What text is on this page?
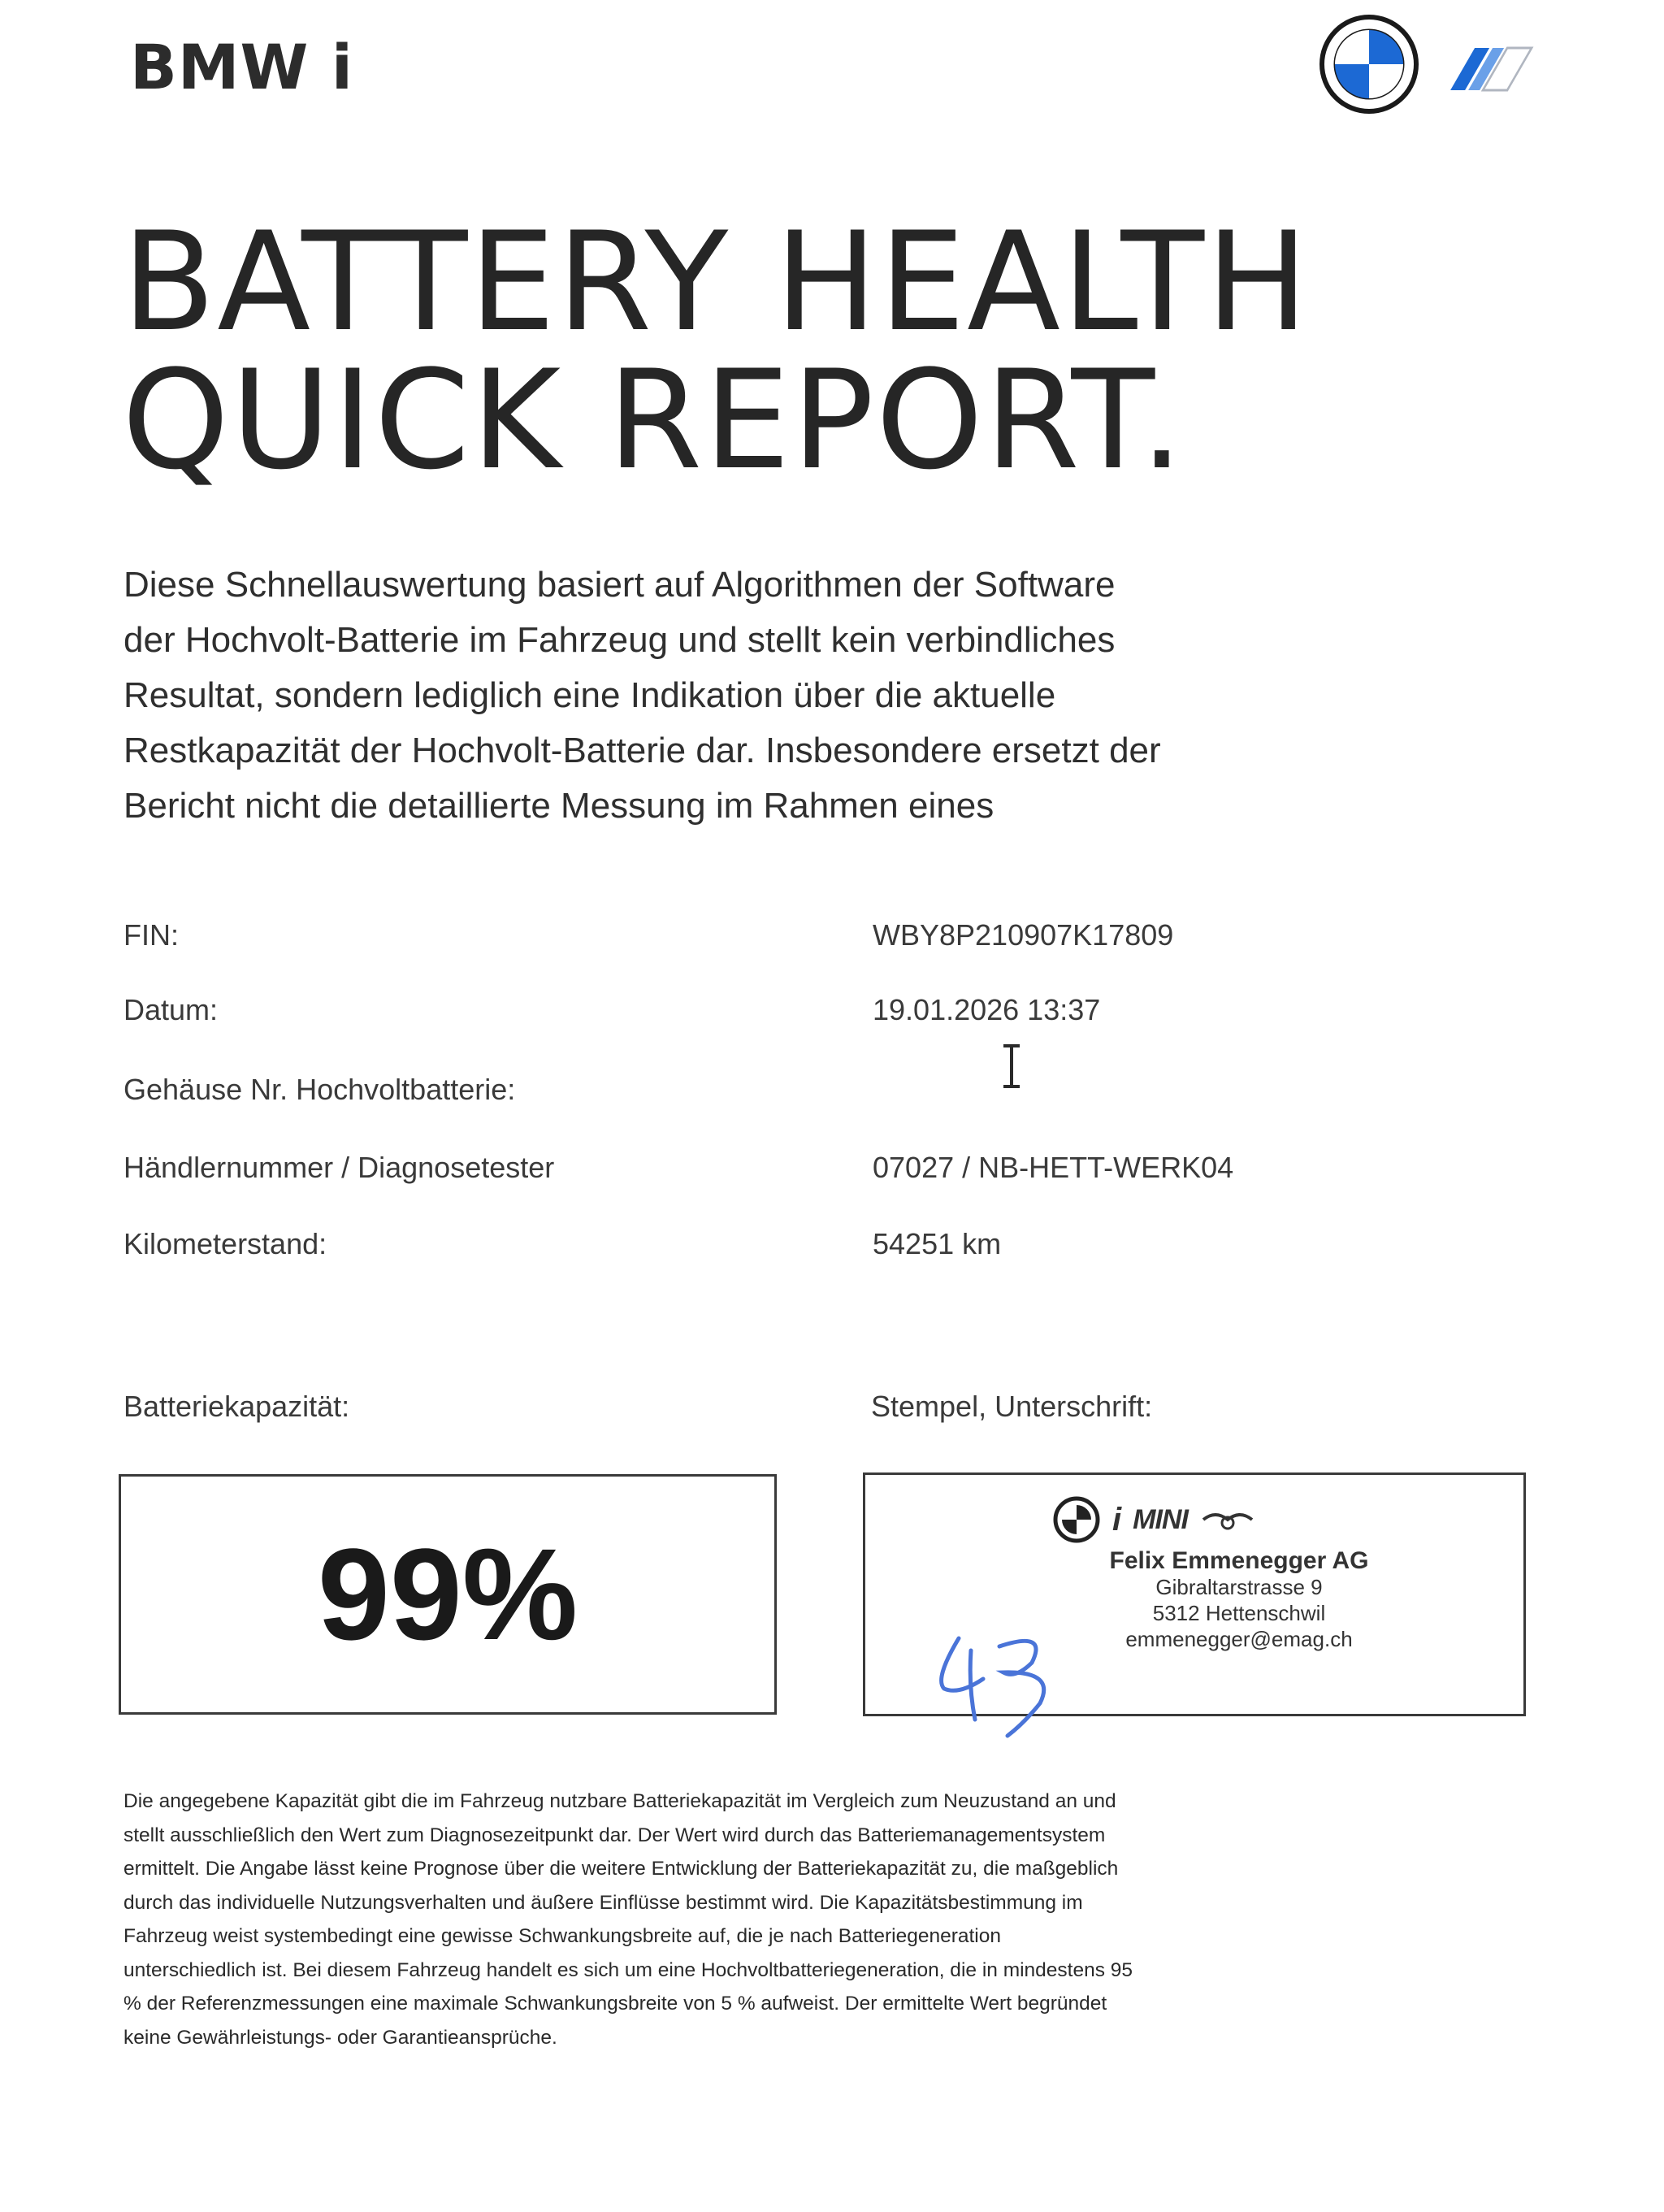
BMW i
BATTERY HEALTH
QUICK REPORT.

Diese Schnellauswertung basiert auf Algorithmen der Software der Hochvolt-Batterie im Fahrzeug und stellt kein verbindliches Resultat, sondern lediglich eine Indikation über die aktuelle Restkapazität der Hochvolt-Batterie dar. Insbesondere ersetzt der Bericht nicht die detaillierte Messung im Rahmen eines

FIN:	WBY8P210907K17809
Datum:	19.01.2026 13:37
Gehäuse Nr. Hochvoltbatterie:
Händlernummer / Diagnosetester	07027 / NB-HETT-WERK04
Kilometerstand:	54251 km
Batteriekapazität:
99%
Stempel, Unterschrift:
i MINI
Felix Emmenegger AG
Gibraltarstrasse 9
5312 Hettenschwil
emmenegger@emag.ch

Die angegebene Kapazität gibt die im Fahrzeug nutzbare Batteriekapazität im Vergleich zum Neuzustand an und stellt ausschließlich den Wert zum Diagnosezeitpunkt dar. Der Wert wird durch das Batteriemanagementsystem ermittelt. Die Angabe lässt keine Prognose über die weitere Entwicklung der Batteriekapazität zu, die maßgeblich durch das individuelle Nutzungsverhalten und äußere Einflüsse bestimmt wird. Die Kapazitätsbestimmung im Fahrzeug weist systembedingt eine gewisse Schwankungsbreite auf, die je nach Batteriegeneration unterschiedlich ist. Bei diesem Fahrzeug handelt es sich um eine Hochvoltbatteriegeneration, die in mindestens 95 % der Referenzmessungen eine maximale Schwankungsbreite von 5 % aufweist. Der ermittelte Wert begründet keine Gewährleistungs- oder Garantieansprüche.
